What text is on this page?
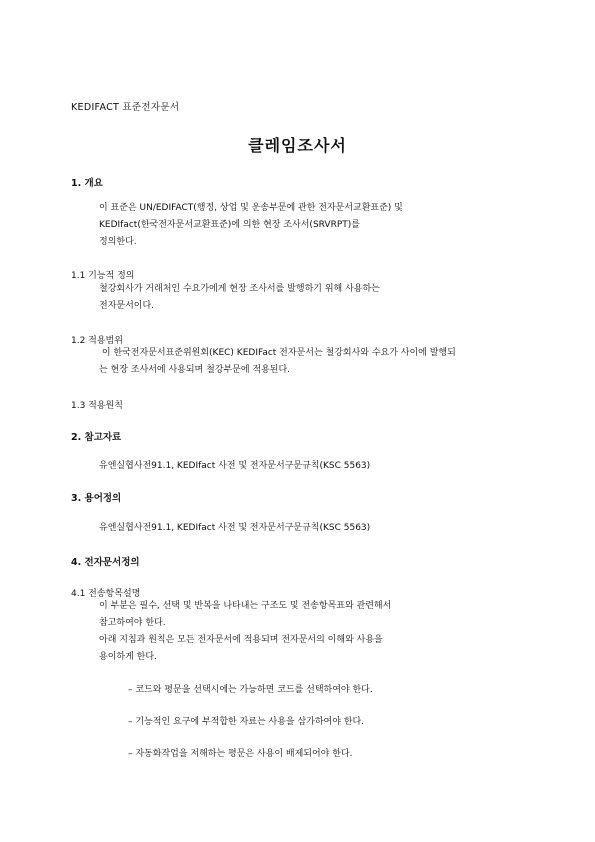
KEDIFACT 표준전자문서
클레임조사서
1. 개요
이 표준은 UN/EDIFACT(행정, 상업 및 운송부문에 관한 전자문서교환표준) 및
KEDIfact(한국전자문서교환표준)에 의한 현장 조사서(SRVRPT)를
정의한다.
1.1 기능적 정의
철강회사가 거래처인 수요가에게 현장 조사서를 발행하기 위해 사용하는
전자문서이다.
1.2 적용범위
이 한국전자문서표준위원회(KEC) KEDIFact 전자문서는 철강회사와 수요가 사이에 발행되
는 현장 조사서에 사용되며 철강부문에 적용된다.
1.3 적용원칙
2. 참고자료
유엔실협사전91.1, KEDIfact 사전 및 전자문서구문규칙(KSC 5563)
3. 용어정의
유엔실협사전91.1, KEDIfact 사전 및 전자문서구문규칙(KSC 5563)
4. 전자문서정의
4.1 전송항목설명
이 부분은 필수, 선택 및 반복을 나타내는 구조도 및 전송항목표와 관련해서
참고하여야 한다.
아래 지침과 원칙은 모든 전자문서에 적용되며 전자문서의 이해와 사용을
용이하게 한다.
– 코드와 평문을 선택시에는 가능하면 코드를 선택하여야 한다.
– 기능적인 요구에 부적합한 자료는 사용을 삼가하여야 한다.
– 자동화작업을 저해하는 평문은 사용이 배제되어야 한다.
